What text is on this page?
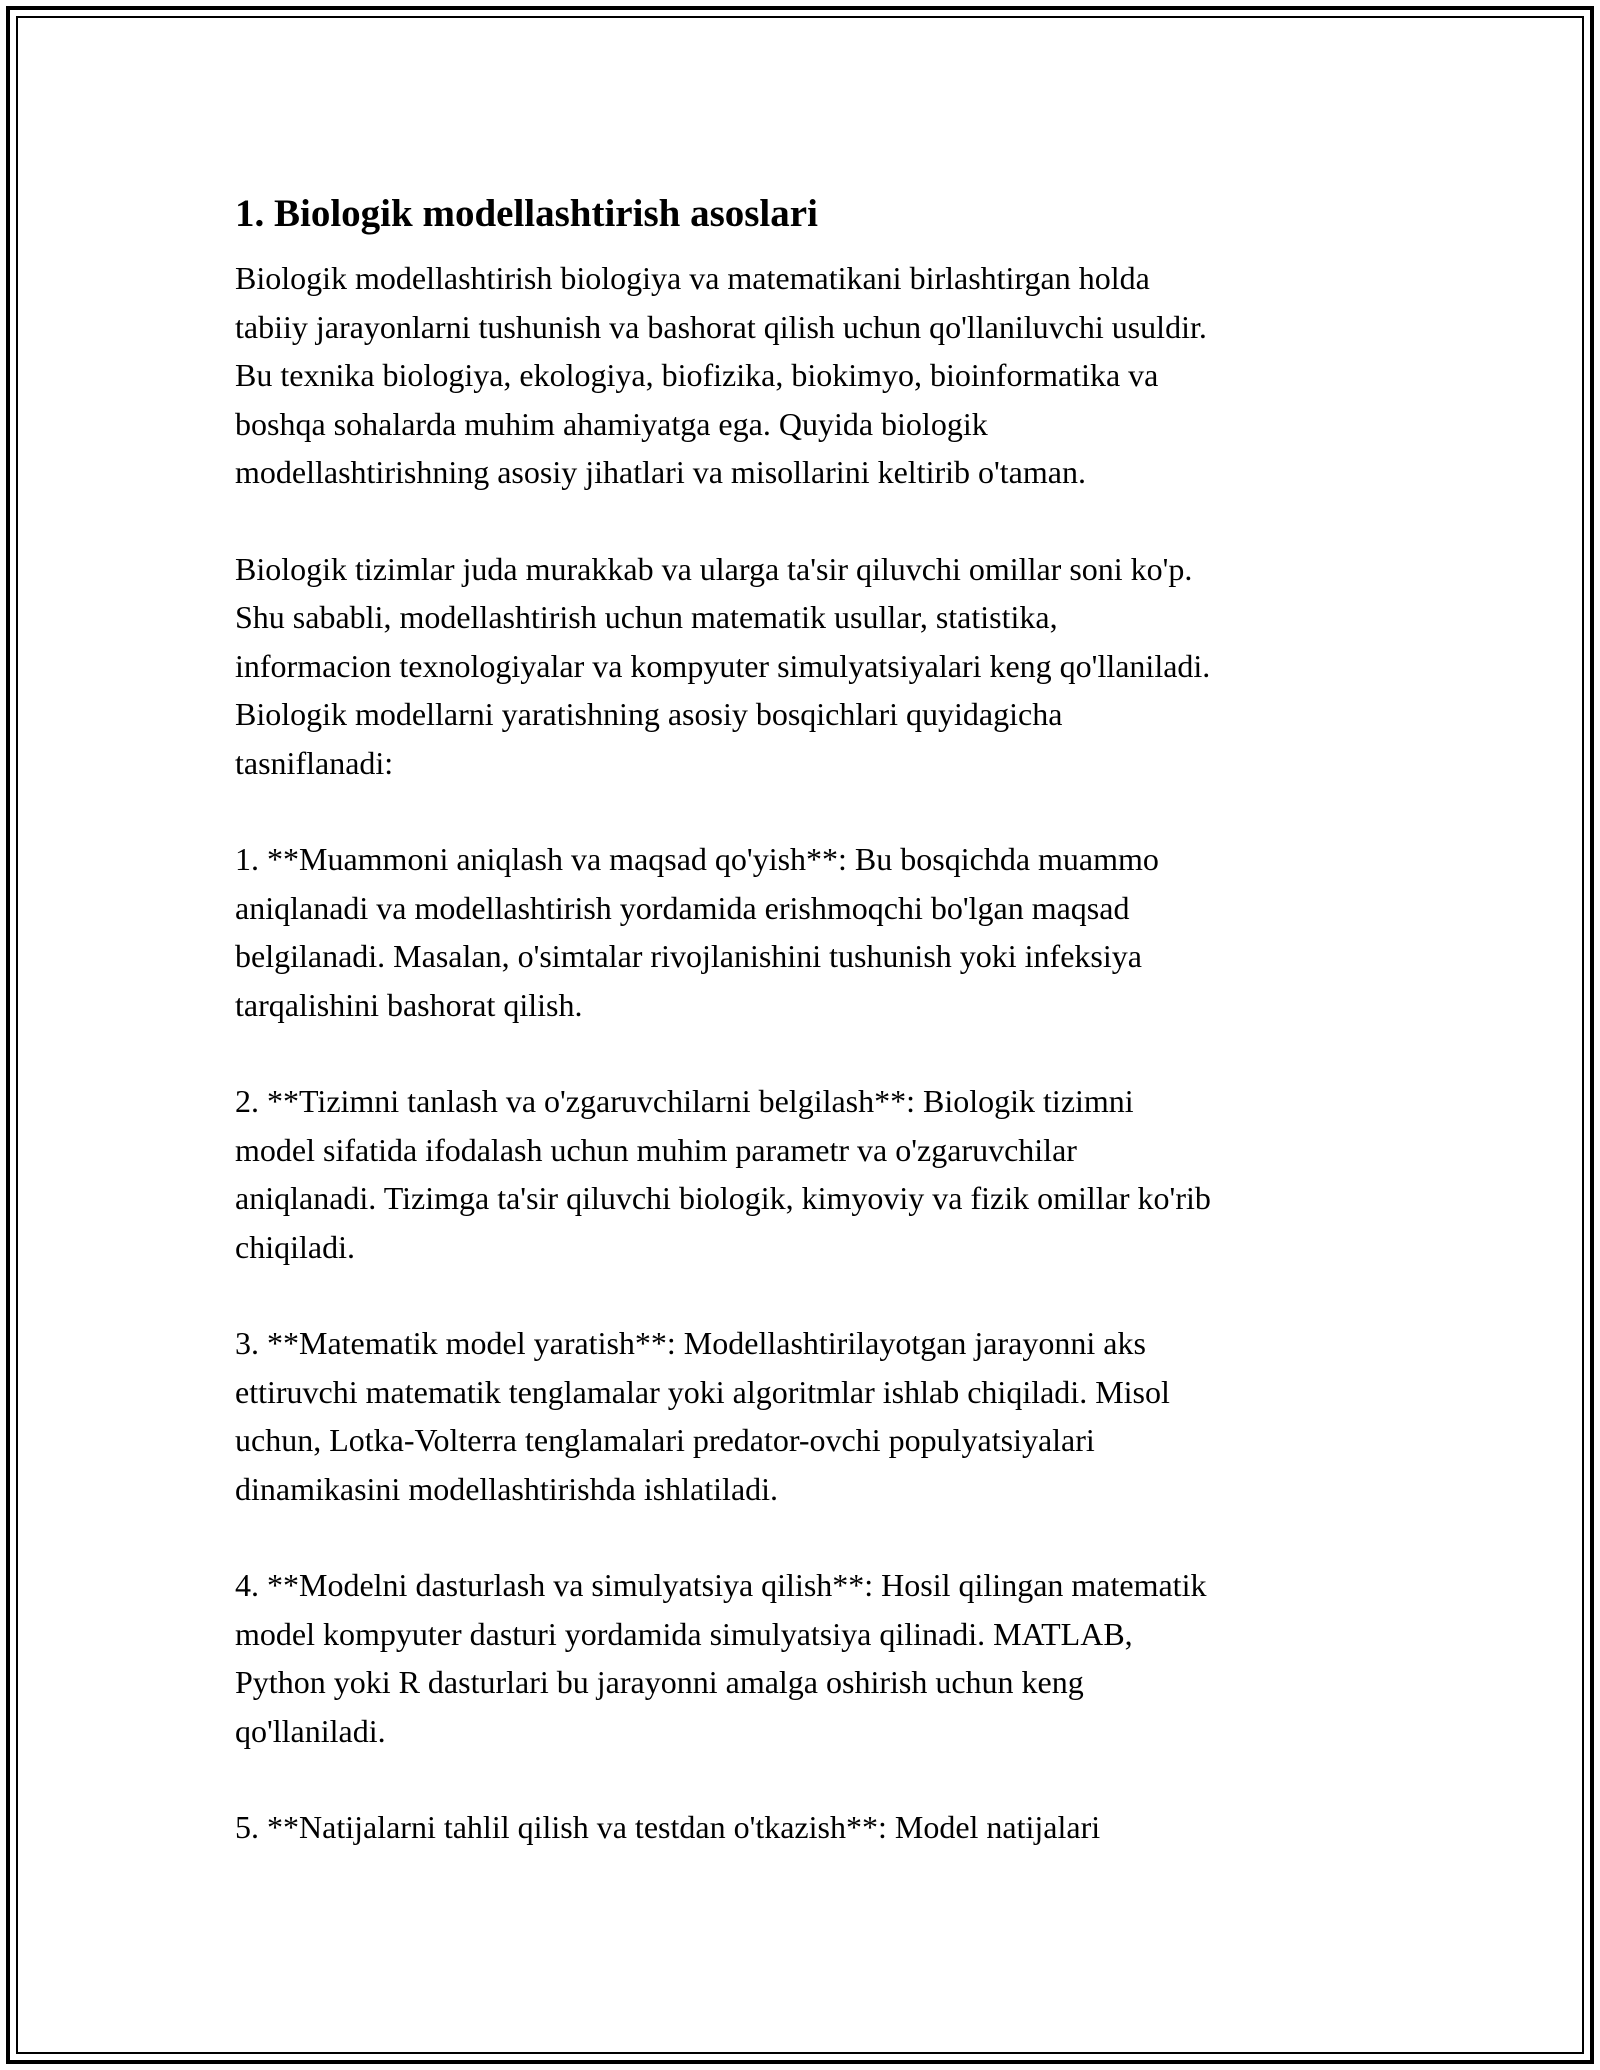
1. Biologik modellashtirish asoslari
Biologik modellashtirish biologiya va matematikani birlashtirgan holda
tabiiy jarayonlarni tushunish va bashorat qilish uchun qo'llaniluvchi usuldir.
Bu texnika biologiya, ekologiya, biofizika, biokimyo, bioinformatika va
boshqa sohalarda muhim ahamiyatga ega. Quyida biologik
modellashtirishning asosiy jihatlari va misollarini keltirib o'taman.
Biologik tizimlar juda murakkab va ularga ta'sir qiluvchi omillar soni ko'p.
Shu sababli, modellashtirish uchun matematik usullar, statistika,
informacion texnologiyalar va kompyuter simulyatsiyalari keng qo'llaniladi.
Biologik modellarni yaratishning asosiy bosqichlari quyidagicha
tasniflanadi:
1. **Muammoni aniqlash va maqsad qo'yish**: Bu bosqichda muammo
aniqlanadi va modellashtirish yordamida erishmoqchi bo'lgan maqsad
belgilanadi. Masalan, o'simtalar rivojlanishini tushunish yoki infeksiya
tarqalishini bashorat qilish.
2. **Tizimni tanlash va o'zgaruvchilarni belgilash**: Biologik tizimni
model sifatida ifodalash uchun muhim parametr va o'zgaruvchilar
aniqlanadi. Tizimga ta'sir qiluvchi biologik, kimyoviy va fizik omillar ko'rib
chiqiladi.
3. **Matematik model yaratish**: Modellashtirilayotgan jarayonni aks
ettiruvchi matematik tenglamalar yoki algoritmlar ishlab chiqiladi. Misol
uchun, Lotka-Volterra tenglamalari predator-ovchi populyatsiyalari
dinamikasini modellashtirishda ishlatiladi.
4. **Modelni dasturlash va simulyatsiya qilish**: Hosil qilingan matematik
model kompyuter dasturi yordamida simulyatsiya qilinadi. MATLAB,
Python yoki R dasturlari bu jarayonni amalga oshirish uchun keng
qo'llaniladi.
5. **Natijalarni tahlil qilish va testdan o'tkazish**: Model natijalari
